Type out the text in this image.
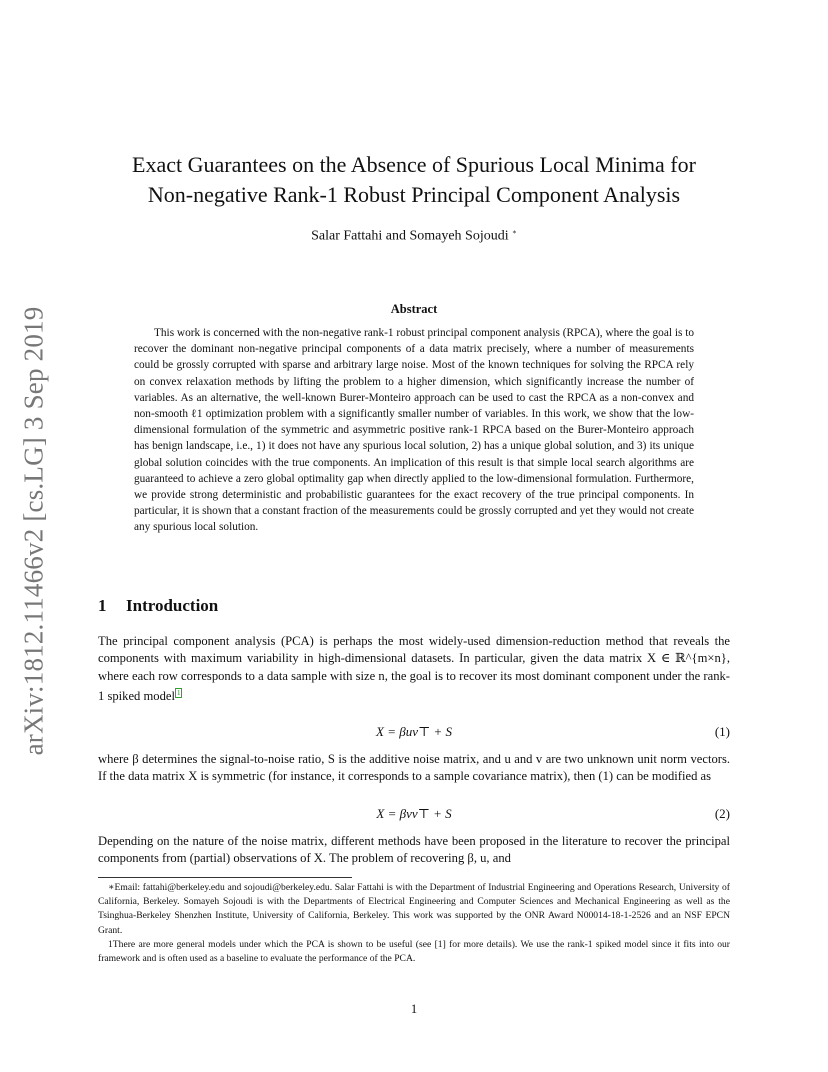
arXiv:1812.11466v2 [cs.LG] 3 Sep 2019
Exact Guarantees on the Absence of Spurious Local Minima for
Non-negative Rank-1 Robust Principal Component Analysis
Salar Fattahi and Somayeh Sojoudi ∗
Abstract

This work is concerned with the non-negative rank-1 robust principal component analysis (RPCA), where the goal is to recover the dominant non-negative principal components of a data matrix precisely, where a number of measurements could be grossly corrupted with sparse and arbitrary large noise. Most of the known techniques for solving the RPCA rely on convex relaxation methods by lifting the problem to a higher dimension, which significantly increase the number of variables. As an alternative, the well-known Burer-Monteiro approach can be used to cast the RPCA as a non-convex and non-smooth ℓ1 optimization problem with a significantly smaller number of variables. In this work, we show that the low-dimensional formulation of the symmetric and asymmetric positive rank-1 RPCA based on the Burer-Monteiro approach has benign landscape, i.e., 1) it does not have any spurious local solution, 2) has a unique global solution, and 3) its unique global solution coincides with the true components. An implication of this result is that simple local search algorithms are guaranteed to achieve a zero global optimality gap when directly applied to the low-dimensional formulation. Furthermore, we provide strong deterministic and probabilistic guarantees for the exact recovery of the true principal components. In particular, it is shown that a constant fraction of the measurements could be grossly corrupted and yet they would not create any spurious local solution.

1 Introduction

The principal component analysis (PCA) is perhaps the most widely-used dimension-reduction method that reveals the components with maximum variability in high-dimensional datasets. In particular, given the data matrix X ∈ ℝ^{m×n}, where each row corresponds to a data sample with size n, the goal is to recover its most dominant component under the rank-1 spiked model $^1$

X = βuv⊤ + S	(1)

where β determines the signal-to-noise ratio, S is the additive noise matrix, and u and v are two unknown unit norm vectors. If the data matrix X is symmetric (for instance, it corresponds to a sample covariance matrix), then (1) can be modified as

X = βvv⊤ + S	(2)

Depending on the nature of the noise matrix, different methods have been proposed in the literature to recover the principal components from (partial) observations of X. The problem of recovering β, u, and

∗Email: fattahi@berkeley.edu and sojoudi@berkeley.edu. Salar Fattahi is with the Department of Industrial Engineering and Operations Research, University of California, Berkeley. Somayeh Sojoudi is with the Departments of Electrical Engineering and Computer Sciences and Mechanical Engineering as well as the Tsinghua-Berkeley Shenzhen Institute, University of California, Berkeley. This work was supported by the ONR Award N00014-18-1-2526 and an NSF EPCN Grant.

1There are more general models under which the PCA is shown to be useful (see [1] for more details). We use the rank-1 spiked model since it fits into our framework and is often used as a baseline to evaluate the performance of the PCA.

1
